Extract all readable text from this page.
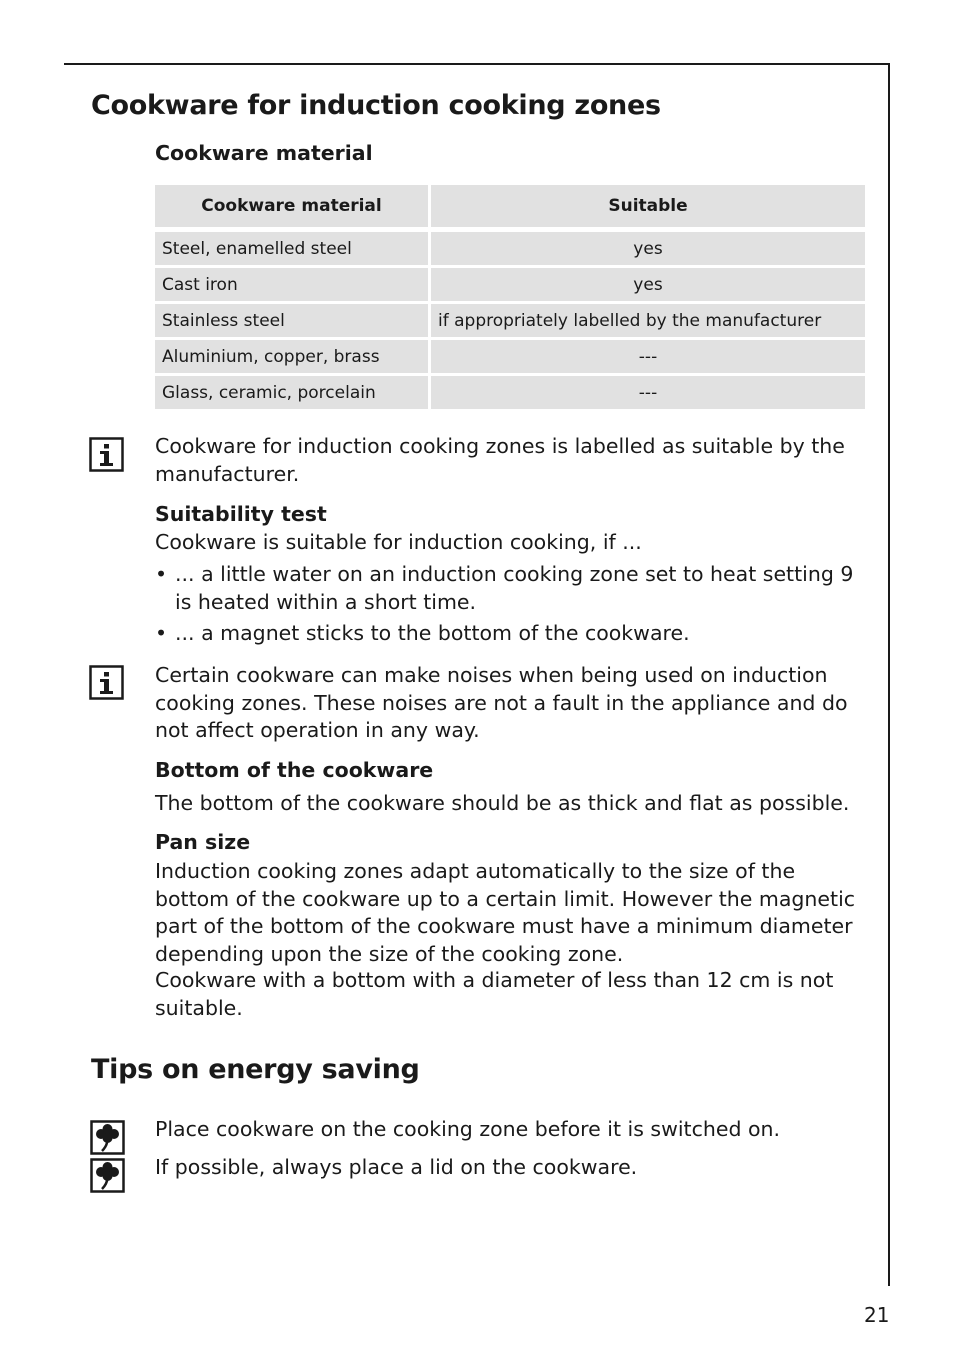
Cookware for induction cooking zones
Cookware material
Cookware material	Suitable
Steel, enamelled steel	yes
Cast iron	yes
Stainless steel	if appropriately labelled by the manufacturer
Aluminium, copper, brass	---
Glass, ceramic, porcelain	---
Cookware for induction cooking zones is labelled as suitable by the manufacturer.
Suitability test
Cookware is suitable for induction cooking, if ...
• ... a little water on an induction cooking zone set to heat setting 9 is heated within a short time.
• ... a magnet sticks to the bottom of the cookware.
Certain cookware can make noises when being used on induction cooking zones. These noises are not a fault in the appliance and do not affect operation in any way.
Bottom of the cookware
The bottom of the cookware should be as thick and flat as possible.
Pan size
Induction cooking zones adapt automatically to the size of the bottom of the cookware up to a certain limit. However the magnetic part of the bottom of the cookware must have a minimum diameter depending upon the size of the cooking zone.
Cookware with a bottom with a diameter of less than 12 cm is not suitable.
Tips on energy saving
Place cookware on the cooking zone before it is switched on.
If possible, always place a lid on the cookware.
21
